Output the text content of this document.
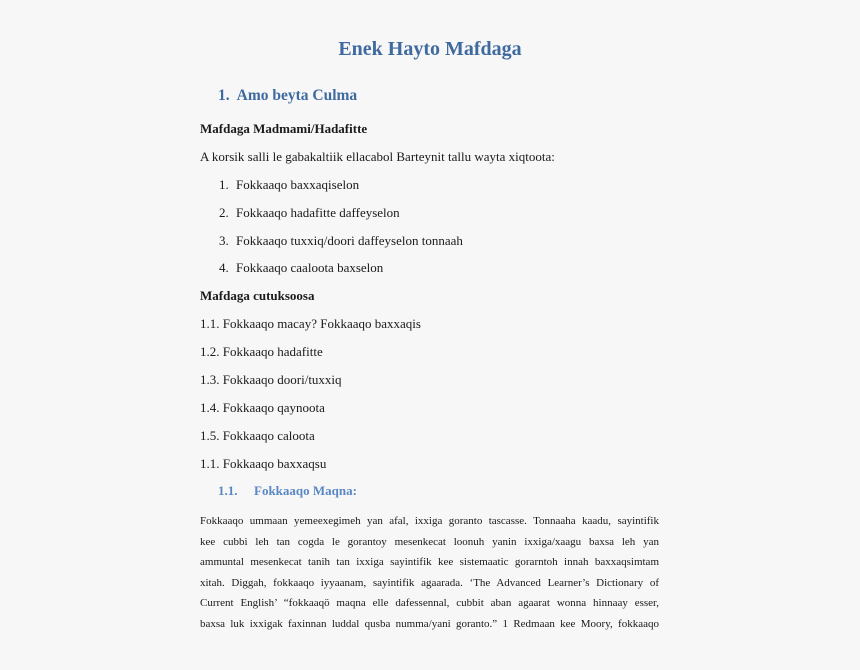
Enek Hayto Mafdaga
1. Amo beyta Culma
Mafdaga Madmami/Hadafitte
A korsik salli le gabakaltiik ellacabol Barteynit tallu wayta xiqtoota:
1. Fokkaaqo baxxaqiselon
2. Fokkaaqo hadafitte daffeyselon
3. Fokkaaqo tuxxiq/doori daffeyselon tonnaah
4. Fokkaaqo caaloota baxselon
Mafdaga cutuksoosa
1.1. Fokkaaqo macay? Fokkaaqo baxxaqis
1.2. Fokkaaqo hadafitte
1.3. Fokkaaqo doori/tuxxiq
1.4. Fokkaaqo qaynoota
1.5. Fokkaaqo caloota
1.1. Fokkaaqo baxxaqsu
1.1. Fokkaaqo Maqna:
Fokkaaqo ummaan yemeexegimeh yan afal, ixxiga goranto tascasse. Tonnaaha kaadu, sayintifik
kee cubbi leh tan cogda le gorantoy mesenkecat loonuh yanin ixxiga/xaagu baxsa leh yan
ammuntal mesenkecat tanih tan ixxiga sayintifik kee sistemaatic gorarntoh innah baxxaqsimtam
xitah. Diggah, fokkaaqo iyyaanam, sayintifik agaarada. ‘The Advanced Learner’s Dictionary of
Current English’ “fokkaaqö maqna elle dafessennal, cubbit aban agaarat wonna hinnaay esser,
baxsa luk ixxigak faxinnan luddal qusba numma/yani goranto.” 1 Redmaan kee Moory, fokkaaqo
